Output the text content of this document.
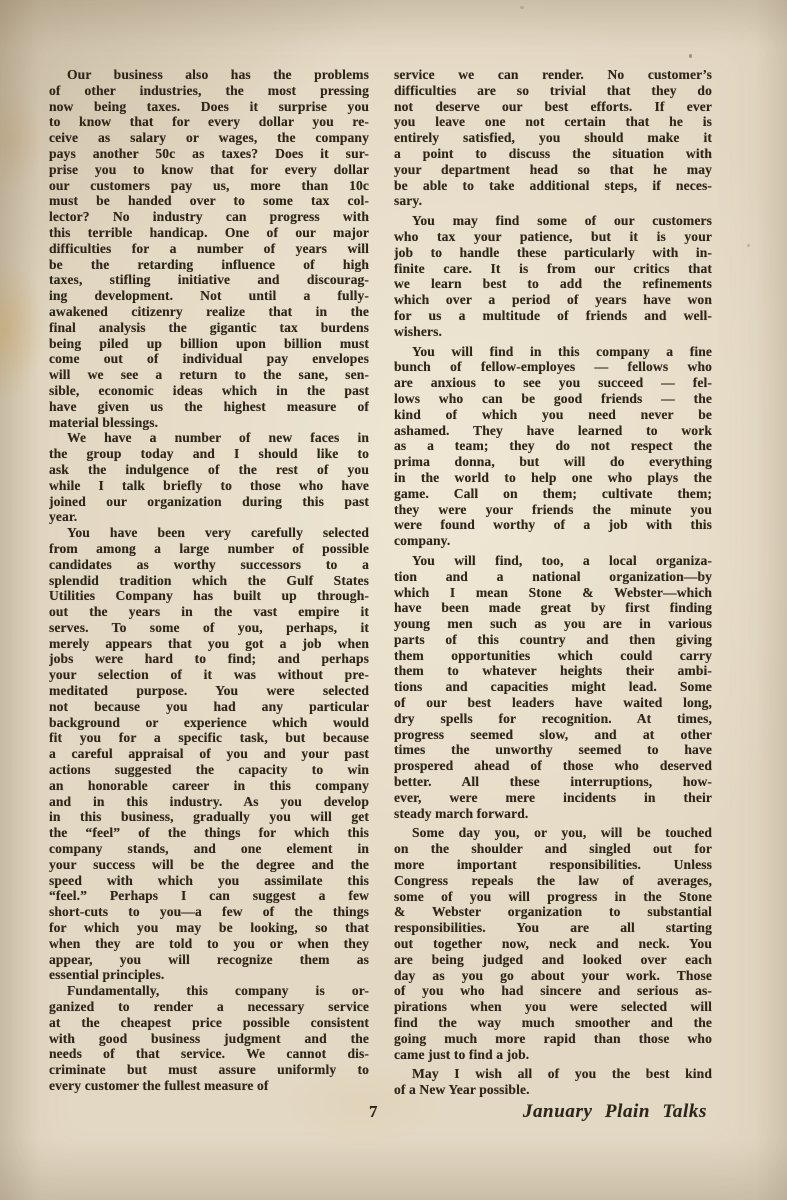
Our business also has the problems
of other industries, the most pressing
now being taxes. Does it surprise you
to know that for every dollar you re-
ceive as salary or wages, the company
pays another 50c as taxes? Does it sur-
prise you to know that for every dollar
our customers pay us, more than 10c
must be handed over to some tax col-
lector? No industry can progress with
this terrible handicap. One of our major
difficulties for a number of years will
be the retarding influence of high
taxes, stifling initiative and discourag-
ing development. Not until a fully-
awakened citizenry realize that in the
final analysis the gigantic tax burdens
being piled up billion upon billion must
come out of individual pay envelopes
will we see a return to the sane, sen-
sible, economic ideas which in the past
have given us the highest measure of
material blessings.
We have a number of new faces in
the group today and I should like to
ask the indulgence of the rest of you
while I talk briefly to those who have
joined our organization during this past
year.
You have been very carefully selected
from among a large number of possible
candidates as worthy successors to a
splendid tradition which the Gulf States
Utilities Company has built up through-
out the years in the vast empire it
serves. To some of you, perhaps, it
merely appears that you got a job when
jobs were hard to find; and perhaps
your selection of it was without pre-
meditated purpose. You were selected
not because you had any particular
background or experience which would
fit you for a specific task, but because
a careful appraisal of you and your past
actions suggested the capacity to win
an honorable career in this company
and in this industry. As you develop
in this business, gradually you will get
the “feel” of the things for which this
company stands, and one element in
your success will be the degree and the
speed with which you assimilate this
“feel.” Perhaps I can suggest a few
short-cuts to you—a few of the things
for which you may be looking, so that
when they are told to you or when they
appear, you will recognize them as
essential principles.
Fundamentally, this company is or-
ganized to render a necessary service
at the cheapest price possible consistent
with good business judgment and the
needs of that service. We cannot dis-
criminate but must assure uniformly to
every customer the fullest measure of
service we can render. No customer’s
difficulties are so trivial that they do
not deserve our best efforts. If ever
you leave one not certain that he is
entirely satisfied, you should make it
a point to discuss the situation with
your department head so that he may
be able to take additional steps, if neces-
sary.
You may find some of our customers
who tax your patience, but it is your
job to handle these particularly with in-
finite care. It is from our critics that
we learn best to add the refinements
which over a period of years have won
for us a multitude of friends and well-
wishers.
You will find in this company a fine
bunch of fellow-employes — fellows who
are anxious to see you succeed — fel-
lows who can be good friends — the
kind of which you need never be
ashamed. They have learned to work
as a team; they do not respect the
prima donna, but will do everything
in the world to help one who plays the
game. Call on them; cultivate them;
they were your friends the minute you
were found worthy of a job with this
company.
You will find, too, a local organiza-
tion and a national organization—by
which I mean Stone & Webster—which
have been made great by first finding
young men such as you are in various
parts of this country and then giving
them opportunities which could carry
them to whatever heights their ambi-
tions and capacities might lead. Some
of our best leaders have waited long,
dry spells for recognition. At times,
progress seemed slow, and at other
times the unworthy seemed to have
prospered ahead of those who deserved
better. All these interruptions, how-
ever, were mere incidents in their
steady march forward.
Some day you, or you, will be touched
on the shoulder and singled out for
more important responsibilities. Unless
Congress repeals the law of averages,
some of you will progress in the Stone
& Webster organization to substantial
responsibilities. You are all starting
out together now, neck and neck. You
are being judged and looked over each
day as you go about your work. Those
of you who had sincere and serious as-
pirations when you were selected will
find the way much smoother and the
going much more rapid than those who
came just to find a job.
May I wish all of you the best kind
of a New Year possible.
7	January Plain Talks
